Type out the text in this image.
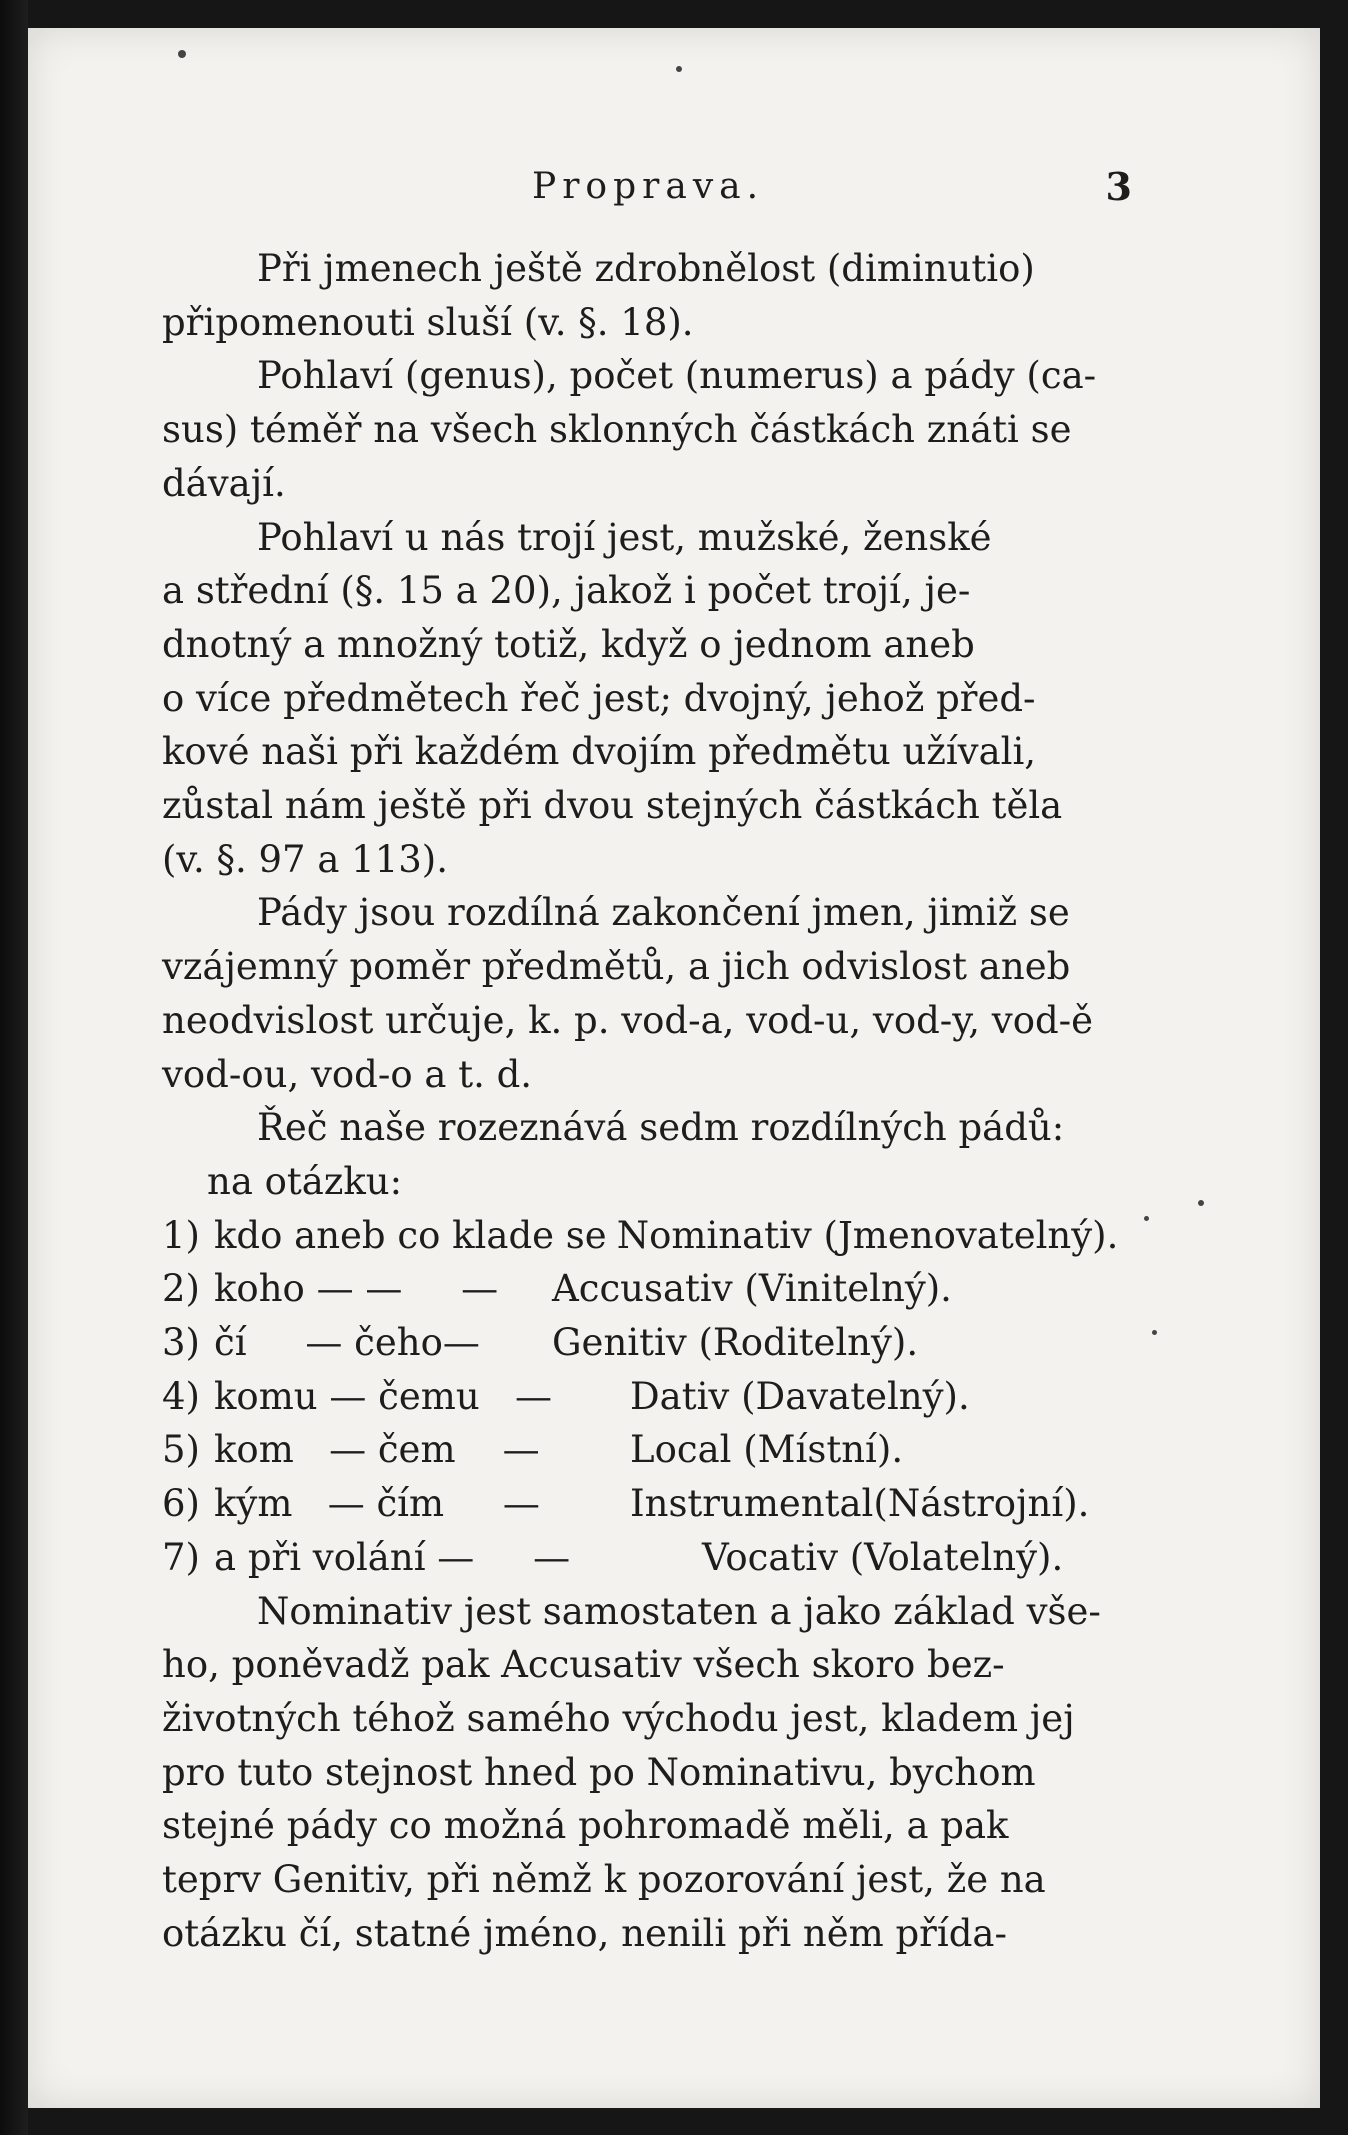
Proprava.	3

Při jmenech ještě zdrobnělost (diminutio)
připomenouti sluší (v. §. 18).

Pohlaví (genus), počet (numerus) a pády (ca-
sus) téměř na všech sklonných částkách znáti se
dávají.

Pohlaví u nás trojí jest, mužské, ženské
a střední (§. 15 a 20), jakož i počet trojí, je-
dnotný a množný totiž, když o jednom aneb
o více předmětech řeč jest; dvojný, jehož před-
kové naši při každém dvojím předmětu užívali,
zůstal nám ještě při dvou stejných částkách těla
(v. §. 97 a 113).

Pády jsou rozdílná zakončení jmen, jimiž se
vzájemný poměr předmětů, a jich odvislost aneb
neodvislost určuje, k. p. vod-a, vod-u, vod-y, vod-ě
vod-ou, vod-o a t. d.

Řeč naše rozeznává sedm rozdílných pádů:
na otázku:

1) kdo aneb co klade se Nominativ (Jmenovatelný).
2) koho — —     —	Accusativ (Vinitelný).
3) čí     — čeho—	Genitiv (Roditelný).
4) komu — čemu   —	Dativ (Davatelný).
5) kom   — čem    —	Local (Místní).
6) kým   — čím     —	Instrumental(Nástrojní).
7) a při volání —     —	Vocativ (Volatelný).

Nominativ jest samostaten a jako základ vše-
ho, poněvadž pak Accusativ všech skoro bez-
životných téhož samého východu jest, kladem jej
pro tuto stejnost hned po Nominativu, bychom
stejné pády co možná pohromadě měli, a pak
teprv Genitiv, při němž k pozorování jest, že na
otázku čí, statné jméno, nenili při něm přída-
